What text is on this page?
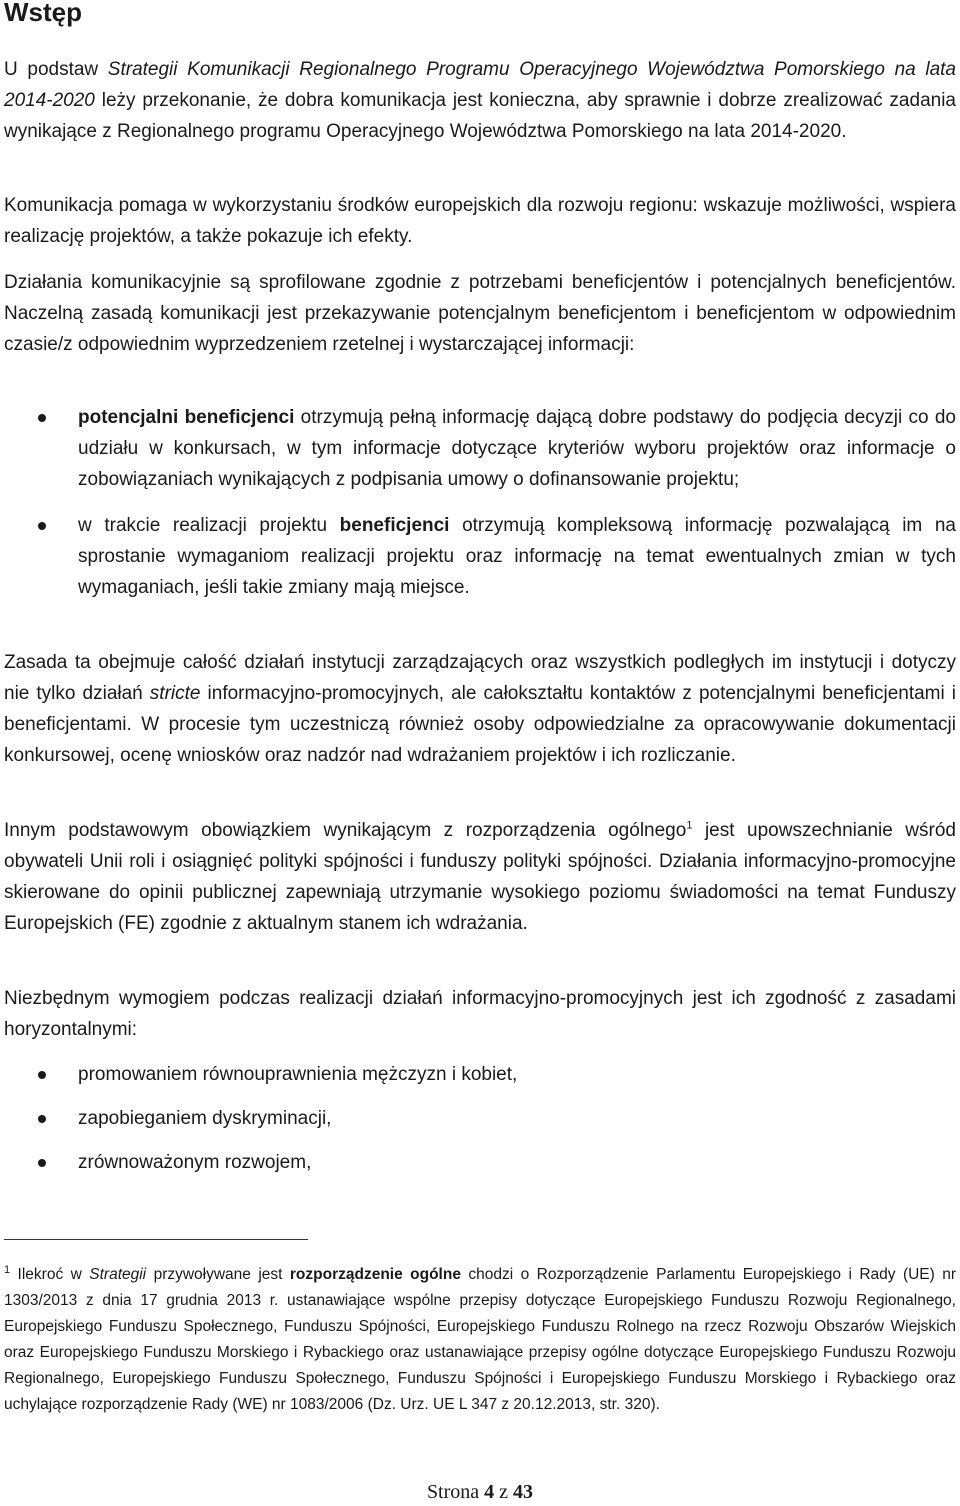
Wstęp

U podstaw Strategii Komunikacji Regionalnego Programu Operacyjnego Województwa Pomorskiego na lata 2014-2020 leży przekonanie, że dobra komunikacja jest konieczna, aby sprawnie i dobrze zrealizować zadania wynikające z Regionalnego programu Operacyjnego Województwa Pomorskiego na lata 2014-2020.

Komunikacja pomaga w wykorzystaniu środków europejskich dla rozwoju regionu: wskazuje możliwości, wspiera realizację projektów, a także pokazuje ich efekty.

Działania komunikacyjnie są sprofilowane zgodnie z potrzebami beneficjentów i potencjalnych beneficjentów. Naczelną zasadą komunikacji jest przekazywanie potencjalnym beneficjentom i beneficjentom w odpowiednim czasie/z odpowiednim wyprzedzeniem rzetelnej i wystarczającej informacji:

potencjalni beneficjenci otrzymują pełną informację dającą dobre podstawy do podjęcia decyzji co do udziału w konkursach, w tym informacje dotyczące kryteriów wyboru projektów oraz informacje o zobowiązaniach wynikających z podpisania umowy o dofinansowanie projektu;
w trakcie realizacji projektu beneficjenci otrzymują kompleksową informację pozwalającą im na sprostanie wymaganiom realizacji projektu oraz informację na temat ewentualnych zmian w tych wymaganiach, jeśli takie zmiany mają miejsce.

Zasada ta obejmuje całość działań instytucji zarządzających oraz wszystkich podległych im instytucji i dotyczy nie tylko działań stricte informacyjno-promocyjnych, ale całokształtu kontaktów z potencjalnymi beneficjentami i beneficjentami. W procesie tym uczestniczą również osoby odpowiedzialne za opracowywanie dokumentacji konkursowej, ocenę wniosków oraz nadzór nad wdrażaniem projektów i ich rozliczanie.

Innym podstawowym obowiązkiem wynikającym z rozporządzenia ogólnego$^1$ jest upowszechnianie wśród obywateli Unii roli i osiągnięć polityki spójności i funduszy polityki spójności. Działania informacyjno-promocyjne skierowane do opinii publicznej zapewniają utrzymanie wysokiego poziomu świadomości na temat Funduszy Europejskich (FE) zgodnie z aktualnym stanem ich wdrażania.

Niezbędnym wymogiem podczas realizacji działań informacyjno-promocyjnych jest ich zgodność z zasadami horyzontalnymi:

promowaniem równouprawnienia mężczyzn i kobiet,
zapobieganiem dyskryminacji,
zrównoważonym rozwojem,

$^1$ Ilekroć w Strategii przywoływane jest rozporządzenie ogólne chodzi o Rozporządzenie Parlamentu Europejskiego i Rady (UE) nr 1303/2013 z dnia 17 grudnia 2013 r. ustanawiające wspólne przepisy dotyczące Europejskiego Funduszu Rozwoju Regionalnego, Europejskiego Funduszu Społecznego, Funduszu Spójności, Europejskiego Funduszu Rolnego na rzecz Rozwoju Obszarów Wiejskich oraz Europejskiego Funduszu Morskiego i Rybackiego oraz ustanawiające przepisy ogólne dotyczące Europejskiego Funduszu Rozwoju Regionalnego, Europejskiego Funduszu Społecznego, Funduszu Spójności i Europejskiego Funduszu Morskiego i Rybackiego oraz uchylające rozporządzenie Rady (WE) nr 1083/2006 (Dz. Urz. UE L 347 z 20.12.2013, str. 320).

Strona 4 z 43
